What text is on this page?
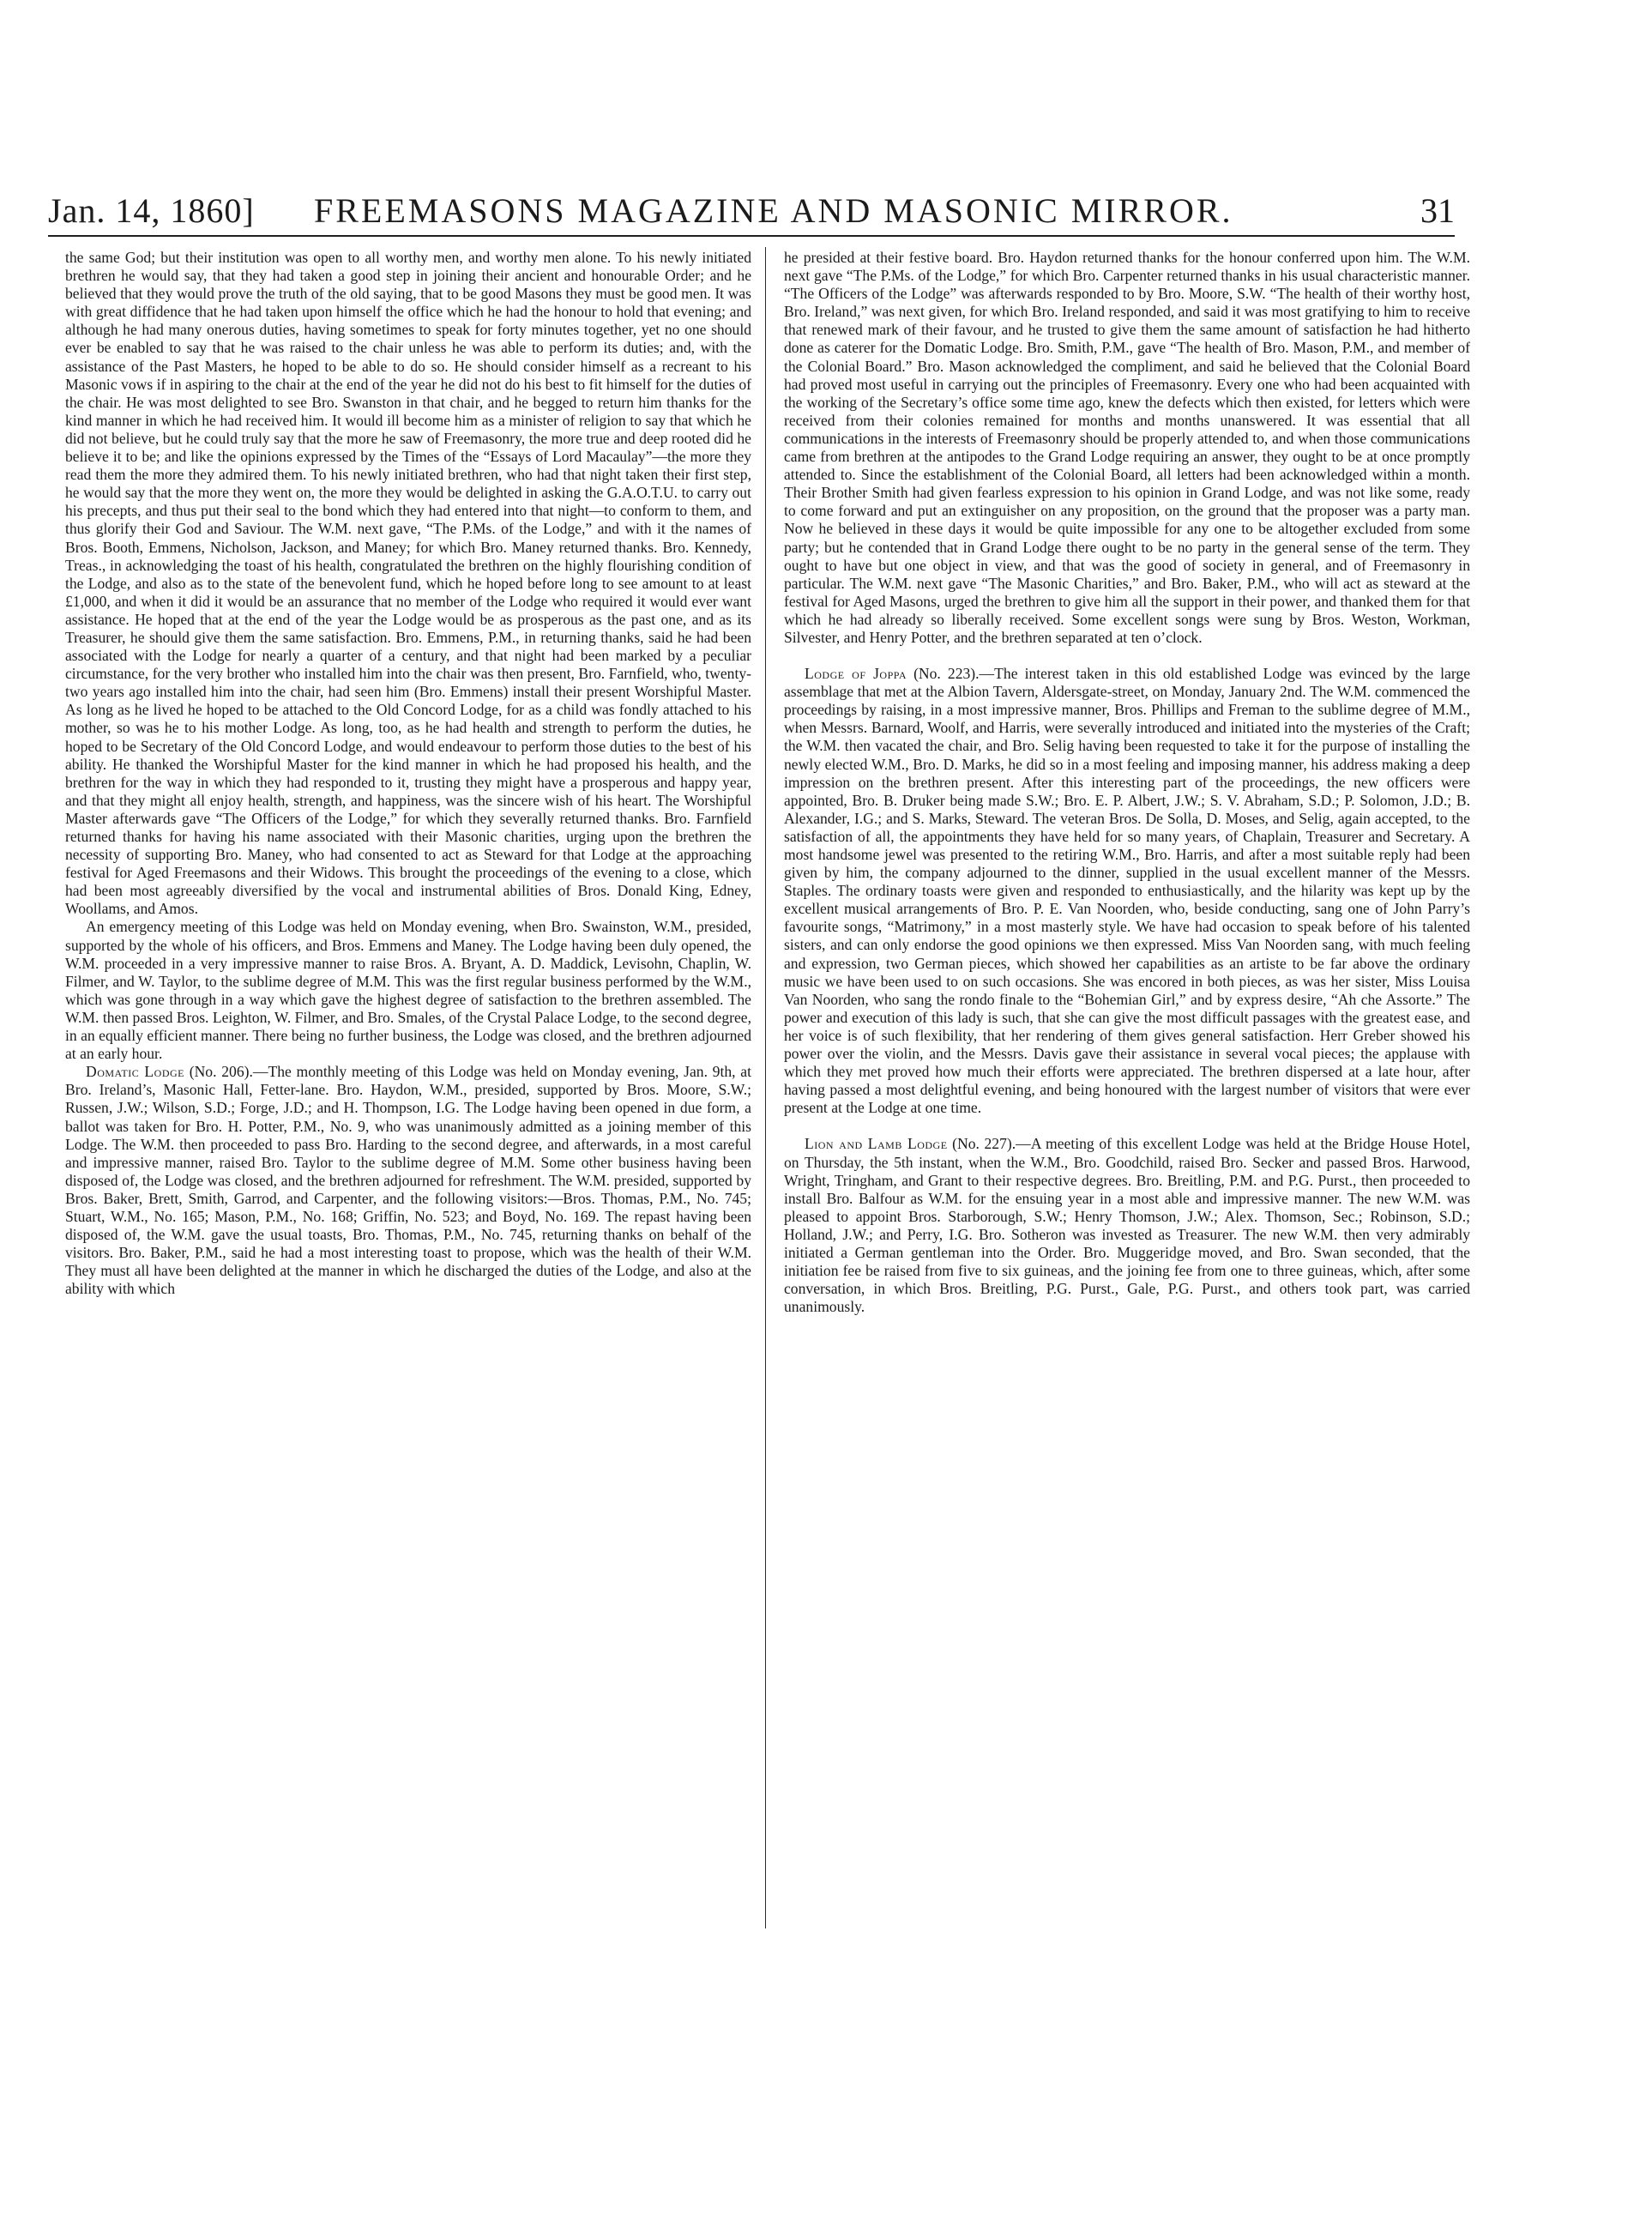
Jan. 14, 1860] FREEMASONS MAGAZINE AND MASONIC MIRROR.	31

the same God; but their institution was open to all worthy men, and worthy men alone. To his newly initiated brethren he would say, that they had taken a good step in joining their ancient and honourable Order; and he believed that they would prove the truth of the old saying, that to be good Masons they must be good men. It was with great diffidence that he had taken upon himself the office which he had the honour to hold that evening; and although he had many onerous duties, having sometimes to speak for forty minutes together, yet no one should ever be enabled to say that he was raised to the chair unless he was able to perform its duties; and, with the assistance of the Past Masters, he hoped to be able to do so. He should consider himself as a recreant to his Masonic vows if in aspiring to the chair at the end of the year he did not do his best to fit himself for the duties of the chair. He was most delighted to see Bro. Swanston in that chair, and he begged to return him thanks for the kind manner in which he had received him. It would ill become him as a minister of religion to say that which he did not believe, but he could truly say that the more he saw of Freemasonry, the more true and deep rooted did he believe it to be; and like the opinions expressed by the Times of the “Essays of Lord Macaulay”—the more they read them the more they admired them. To his newly initiated brethren, who had that night taken their first step, he would say that the more they went on, the more they would be delighted in asking the G.A.O.T.U. to carry out his precepts, and thus put their seal to the bond which they had entered into that night—to conform to them, and thus glorify their God and Saviour. The W.M. next gave, “The P.Ms. of the Lodge,” and with it the names of Bros. Booth, Emmens, Nicholson, Jackson, and Maney; for which Bro. Maney returned thanks. Bro. Kennedy, Treas., in acknowledging the toast of his health, congratulated the brethren on the highly flourishing condition of the Lodge, and also as to the state of the benevolent fund, which he hoped before long to see amount to at least £1,000, and when it did it would be an assurance that no member of the Lodge who required it would ever want assistance. He hoped that at the end of the year the Lodge would be as prosperous as the past one, and as its Treasurer, he should give them the same satisfaction. Bro. Emmens, P.M., in returning thanks, said he had been associated with the Lodge for nearly a quarter of a century, and that night had been marked by a peculiar circumstance, for the very brother who installed him into the chair was then present, Bro. Farnfield, who, twenty-two years ago installed him into the chair, had seen him (Bro. Emmens) install their present Worshipful Master. As long as he lived he hoped to be attached to the Old Concord Lodge, for as a child was fondly attached to his mother, so was he to his mother Lodge. As long, too, as he had health and strength to perform the duties, he hoped to be Secretary of the Old Concord Lodge, and would endeavour to perform those duties to the best of his ability. He thanked the Worshipful Master for the kind manner in which he had proposed his health, and the brethren for the way in which they had responded to it, trusting they might have a prosperous and happy year, and that they might all enjoy health, strength, and happiness, was the sincere wish of his heart. The Worshipful Master afterwards gave “The Officers of the Lodge,” for which they severally returned thanks. Bro. Farnfield returned thanks for having his name associated with their Masonic charities, urging upon the brethren the necessity of supporting Bro. Maney, who had consented to act as Steward for that Lodge at the approaching festival for Aged Freemasons and their Widows. This brought the proceedings of the evening to a close, which had been most agreeably diversified by the vocal and instrumental abilities of Bros. Donald King, Edney, Woollams, and Amos.

An emergency meeting of this Lodge was held on Monday evening, when Bro. Swainston, W.M., presided, supported by the whole of his officers, and Bros. Emmens and Maney. The Lodge having been duly opened, the W.M. proceeded in a very impressive manner to raise Bros. A. Bryant, A. D. Maddick, Levisohn, Chaplin, W. Filmer, and W. Taylor, to the sublime degree of M.M. This was the first regular business performed by the W.M., which was gone through in a way which gave the highest degree of satisfaction to the brethren assembled. The W.M. then passed Bros. Leighton, W. Filmer, and Bro. Smales, of the Crystal Palace Lodge, to the second degree, in an equally efficient manner. There being no further business, the Lodge was closed, and the brethren adjourned at an early hour.

Domatic Lodge (No. 206).—The monthly meeting of this Lodge was held on Monday evening, Jan. 9th, at Bro. Ireland’s, Masonic Hall, Fetter-lane. Bro. Haydon, W.M., presided, supported by Bros. Moore, S.W.; Russen, J.W.; Wilson, S.D.; Forge, J.D.; and H. Thompson, I.G. The Lodge having been opened in due form, a ballot was taken for Bro. H. Potter, P.M., No. 9, who was unanimously admitted as a joining member of this Lodge. The W.M. then proceeded to pass Bro. Harding to the second degree, and afterwards, in a most careful and impressive manner, raised Bro. Taylor to the sublime degree of M.M. Some other business having been disposed of, the Lodge was closed, and the brethren adjourned for refreshment. The W.M. presided, supported by Bros. Baker, Brett, Smith, Garrod, and Carpenter, and the following visitors:—Bros. Thomas, P.M., No. 745; Stuart, W.M., No. 165; Mason, P.M., No. 168; Griffin, No. 523; and Boyd, No. 169. The repast having been disposed of, the W.M. gave the usual toasts, Bro. Thomas, P.M., No. 745, returning thanks on behalf of the visitors. Bro. Baker, P.M., said he had a most interesting toast to propose, which was the health of their W.M. They must all have been delighted at the manner in which he discharged the duties of the Lodge, and also at the ability with which

he presided at their festive board. Bro. Haydon returned thanks for the honour conferred upon him. The W.M. next gave “The P.Ms. of the Lodge,” for which Bro. Carpenter returned thanks in his usual characteristic manner. “The Officers of the Lodge” was afterwards responded to by Bro. Moore, S.W. “The health of their worthy host, Bro. Ireland,” was next given, for which Bro. Ireland responded, and said it was most gratifying to him to receive that renewed mark of their favour, and he trusted to give them the same amount of satisfaction he had hitherto done as caterer for the Domatic Lodge. Bro. Smith, P.M., gave “The health of Bro. Mason, P.M., and member of the Colonial Board.” Bro. Mason acknowledged the compliment, and said he believed that the Colonial Board had proved most useful in carrying out the principles of Freemasonry. Every one who had been acquainted with the working of the Secretary’s office some time ago, knew the defects which then existed, for letters which were received from their colonies remained for months and months unanswered. It was essential that all communications in the interests of Freemasonry should be properly attended to, and when those communications came from brethren at the antipodes to the Grand Lodge requiring an answer, they ought to be at once promptly attended to. Since the establishment of the Colonial Board, all letters had been acknowledged within a month. Their Brother Smith had given fearless expression to his opinion in Grand Lodge, and was not like some, ready to come forward and put an extinguisher on any proposition, on the ground that the proposer was a party man. Now he believed in these days it would be quite impossible for any one to be altogether excluded from some party; but he contended that in Grand Lodge there ought to be no party in the general sense of the term. They ought to have but one object in view, and that was the good of society in general, and of Freemasonry in particular. The W.M. next gave “The Masonic Charities,” and Bro. Baker, P.M., who will act as steward at the festival for Aged Masons, urged the brethren to give him all the support in their power, and thanked them for that which he had already so liberally received. Some excellent songs were sung by Bros. Weston, Workman, Silvester, and Henry Potter, and the brethren separated at ten o’clock.

Lodge of Joppa (No. 223).—The interest taken in this old established Lodge was evinced by the large assemblage that met at the Albion Tavern, Aldersgate-street, on Monday, January 2nd. The W.M. commenced the proceedings by raising, in a most impressive manner, Bros. Phillips and Freman to the sublime degree of M.M., when Messrs. Barnard, Woolf, and Harris, were severally introduced and initiated into the mysteries of the Craft; the W.M. then vacated the chair, and Bro. Selig having been requested to take it for the purpose of installing the newly elected W.M., Bro. D. Marks, he did so in a most feeling and imposing manner, his address making a deep impression on the brethren present. After this interesting part of the proceedings, the new officers were appointed, Bro. B. Druker being made S.W.; Bro. E. P. Albert, J.W.; S. V. Abraham, S.D.; P. Solomon, J.D.; B. Alexander, I.G.; and S. Marks, Steward. The veteran Bros. De Solla, D. Moses, and Selig, again accepted, to the satisfaction of all, the appointments they have held for so many years, of Chaplain, Treasurer and Secretary. A most handsome jewel was presented to the retiring W.M., Bro. Harris, and after a most suitable reply had been given by him, the company adjourned to the dinner, supplied in the usual excellent manner of the Messrs. Staples. The ordinary toasts were given and responded to enthusiastically, and the hilarity was kept up by the excellent musical arrangements of Bro. P. E. Van Noorden, who, beside conducting, sang one of John Parry’s favourite songs, “Matrimony,” in a most masterly style. We have had occasion to speak before of his talented sisters, and can only endorse the good opinions we then expressed. Miss Van Noorden sang, with much feeling and expression, two German pieces, which showed her capabilities as an artiste to be far above the ordinary music we have been used to on such occasions. She was encored in both pieces, as was her sister, Miss Louisa Van Noorden, who sang the rondo finale to the “Bohemian Girl,” and by express desire, “Ah che Assorte.” The power and execution of this lady is such, that she can give the most difficult passages with the greatest ease, and her voice is of such flexibility, that her rendering of them gives general satisfaction. Herr Greber showed his power over the violin, and the Messrs. Davis gave their assistance in several vocal pieces; the applause with which they met proved how much their efforts were appreciated. The brethren dispersed at a late hour, after having passed a most delightful evening, and being honoured with the largest number of visitors that were ever present at the Lodge at one time.

Lion and Lamb Lodge (No. 227).—A meeting of this excellent Lodge was held at the Bridge House Hotel, on Thursday, the 5th instant, when the W.M., Bro. Goodchild, raised Bro. Secker and passed Bros. Harwood, Wright, Tringham, and Grant to their respective degrees. Bro. Breitling, P.M. and P.G. Purst., then proceeded to install Bro. Balfour as W.M. for the ensuing year in a most able and impressive manner. The new W.M. was pleased to appoint Bros. Starborough, S.W.; Henry Thomson, J.W.; Alex. Thomson, Sec.; Robinson, S.D.; Holland, J.W.; and Perry, I.G. Bro. Sotheron was invested as Treasurer. The new W.M. then very admirably initiated a German gentleman into the Order. Bro. Muggeridge moved, and Bro. Swan seconded, that the initiation fee be raised from five to six guineas, and the joining fee from one to three guineas, which, after some conversation, in which Bros. Breitling, P.G. Purst., Gale, P.G. Purst., and others took part, was carried unanimously.
